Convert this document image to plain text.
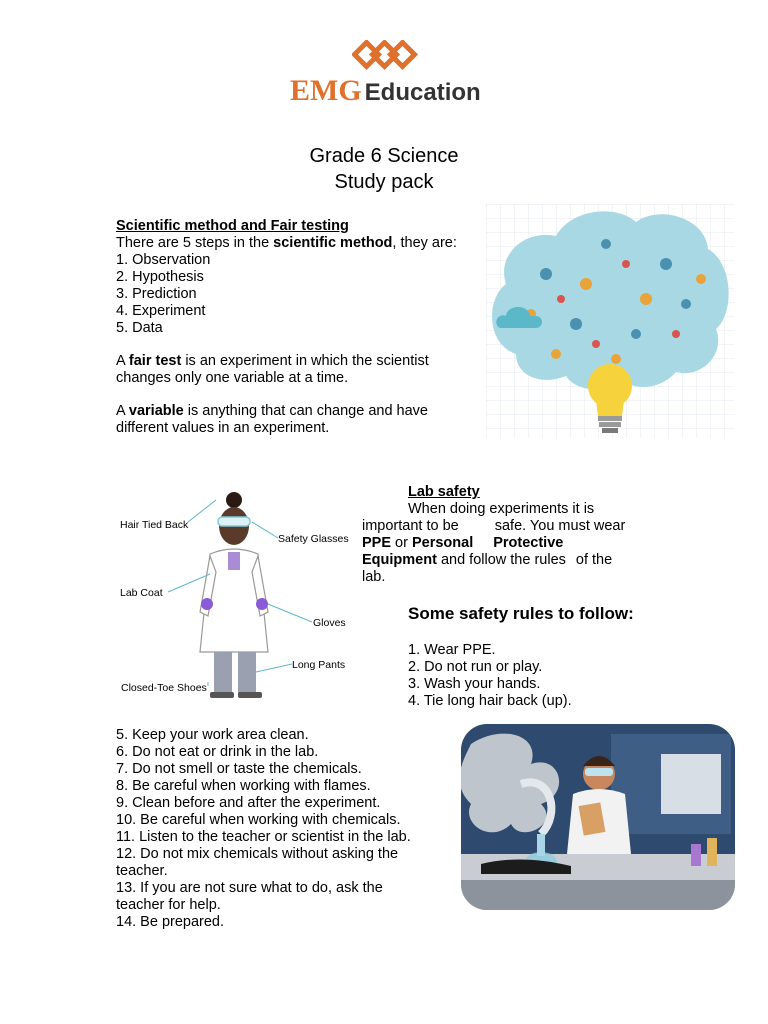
EMG Education
Grade 6 Science
Study pack
Scientific method and Fair testing
There are 5 steps in the scientific method, they are:
1. Observation
2. Hypothesis
3. Prediction
4. Experiment
5. Data
A fair test is an experiment in which the scientist
changes only one variable at a time.
A variable is anything that can change and have
different values in an experiment.
Hair Tied Back
Safety Glasses
Lab Coat
Gloves
Long Pants
Closed-Toe Shoes
Lab safety
When doing experiments it is
important to be safe. You must wear
PPE or Personal Protective
Equipment and follow the rules of the
lab.
Some safety rules to follow:
1. Wear PPE.
2. Do not run or play.
3. Wash your hands.
4. Tie long hair back (up).
5. Keep your work area clean.
6. Do not eat or drink in the lab.
7. Do not smell or taste the chemicals.
8. Be careful when working with flames.
9. Clean before and after the experiment.
10. Be careful when working with chemicals.
11. Listen to the teacher or scientist in the lab.
12. Do not mix chemicals without asking the
teacher.
13. If you are not sure what to do, ask the
teacher for help.
14. Be prepared.
